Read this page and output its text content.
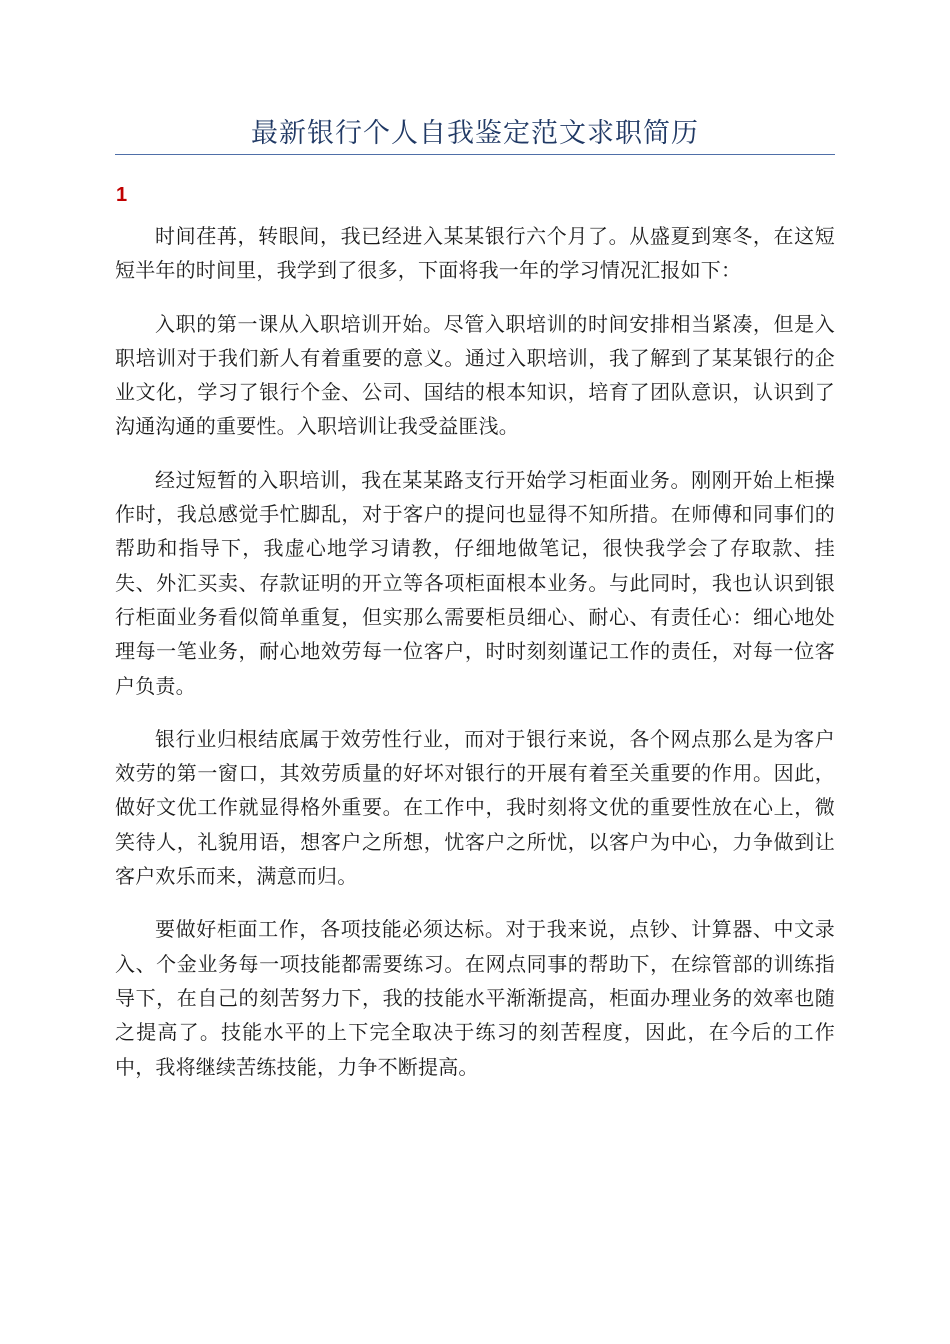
最新银行个人自我鉴定范文求职简历
1

时间荏苒，转眼间，我已经进入某某银行六个月了。从盛夏到寒冬，在这短短半年的时间里，我学到了很多，下面将我一年的学习情况汇报如下：

入职的第一课从入职培训开始。尽管入职培训的时间安排相当紧凑，但是入职培训对于我们新人有着重要的意义。通过入职培训，我了解到了某某银行的企业文化，学习了银行个金、公司、国结的根本知识，培育了团队意识，认识到了沟通沟通的重要性。入职培训让我受益匪浅。

经过短暂的入职培训，我在某某路支行开始学习柜面业务。刚刚开始上柜操作时，我总感觉手忙脚乱，对于客户的提问也显得不知所措。在师傅和同事们的帮助和指导下，我虚心地学习请教，仔细地做笔记，很快我学会了存取款、挂失、外汇买卖、存款证明的开立等各项柜面根本业务。与此同时，我也认识到银行柜面业务看似简单重复，但实那么需要柜员细心、耐心、有责任心：细心地处理每一笔业务，耐心地效劳每一位客户，时时刻刻谨记工作的责任，对每一位客户负责。

银行业归根结底属于效劳性行业，而对于银行来说，各个网点那么是为客户效劳的第一窗口，其效劳质量的好坏对银行的开展有着至关重要的作用。因此，做好文优工作就显得格外重要。在工作中，我时刻将文优的重要性放在心上，微笑待人，礼貌用语，想客户之所想，忧客户之所忧，以客户为中心，力争做到让客户欢乐而来，满意而归。

要做好柜面工作，各项技能必须达标。对于我来说，点钞、计算器、中文录入、个金业务每一项技能都需要练习。在网点同事的帮助下，在综管部的训练指导下，在自己的刻苦努力下，我的技能水平渐渐提高，柜面办理业务的效率也随之提高了。技能水平的上下完全取决于练习的刻苦程度，因此，在今后的工作中，我将继续苦练技能，力争不断提高。
